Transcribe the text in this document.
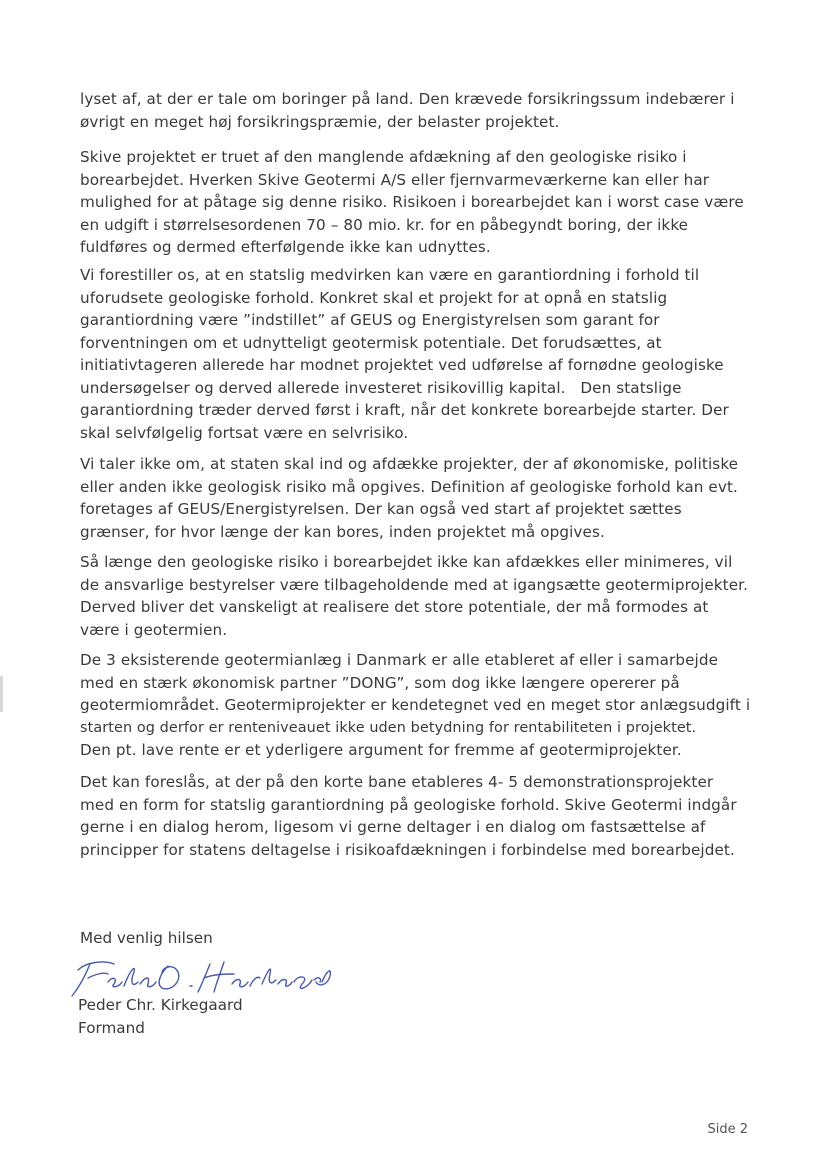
lyset af, at der er tale om boringer på land. Den krævede forsikringssum indebærer i
øvrigt en meget høj forsikringspræmie, der belaster projektet.
Skive projektet er truet af den manglende afdækning af den geologiske risiko i
borearbejdet. Hverken Skive Geotermi A/S eller fjernvarmeværkerne kan eller har
mulighed for at påtage sig denne risiko. Risikoen i borearbejdet kan i worst case være
en udgift i størrelsesordenen 70 – 80 mio. kr. for en påbegyndt boring, der ikke
fuldføres og dermed efterfølgende ikke kan udnyttes.
Vi forestiller os, at en statslig medvirken kan være en garantiordning i forhold til
uforudsete geologiske forhold. Konkret skal et projekt for at opnå en statslig
garantiordning være ”indstillet” af GEUS og Energistyrelsen som garant for
forventningen om et udnytteligt geotermisk potentiale. Det forudsættes, at
initiativtageren allerede har modnet projektet ved udførelse af fornødne geologiske
undersøgelser og derved allerede investeret risikovillig kapital.   Den statslige
garantiordning træder derved først i kraft, når det konkrete borearbejde starter. Der
skal selvfølgelig fortsat være en selvrisiko.
Vi taler ikke om, at staten skal ind og afdække projekter, der af økonomiske, politiske
eller anden ikke geologisk risiko må opgives. Definition af geologiske forhold kan evt.
foretages af GEUS/Energistyrelsen. Der kan også ved start af projektet sættes
grænser, for hvor længe der kan bores, inden projektet må opgives.
Så længe den geologiske risiko i borearbejdet ikke kan afdækkes eller minimeres, vil
de ansvarlige bestyrelser være tilbageholdende med at igangsætte geotermiprojekter.
Derved bliver det vanskeligt at realisere det store potentiale, der må formodes at
være i geotermien.
De 3 eksisterende geotermianlæg i Danmark er alle etableret af eller i samarbejde
med en stærk økonomisk partner ”DONG”, som dog ikke længere opererer på
geotermiområdet. Geotermiprojekter er kendetegnet ved en meget stor anlægsudgift i
starten og derfor er renteniveauet ikke uden betydning for rentabiliteten i projektet.
Den pt. lave rente er et yderligere argument for fremme af geotermiprojekter.
Det kan foreslås, at der på den korte bane etableres 4- 5 demonstrationsprojekter
med en form for statslig garantiordning på geologiske forhold. Skive Geotermi indgår
gerne i en dialog herom, ligesom vi gerne deltager i en dialog om fastsættelse af
principper for statens deltagelse i risikoafdækningen i forbindelse med borearbejdet.
Med venlig hilsen
Peder Chr. Kirkegaard
Formand
Side 2
